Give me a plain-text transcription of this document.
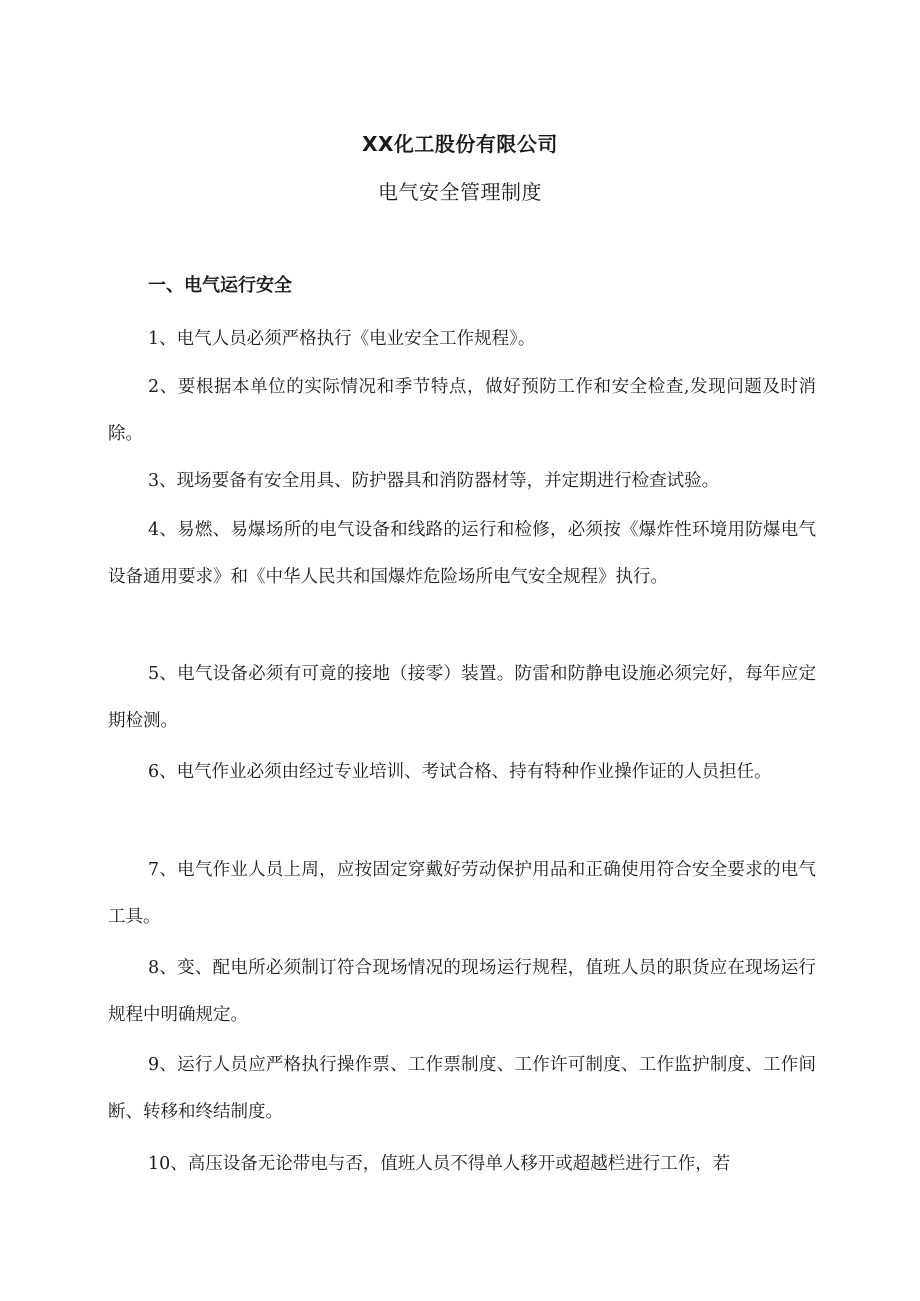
XX化工股份有限公司
电气安全管理制度
一、电气运行安全

1、电气人员必须严格执行《电业安全工作规程》。

2、要根据本单位的实际情况和季节特点，做好预防工作和安全检查,发现问题及时消除。

3、现场要备有安全用具、防护器具和消防器材等，并定期进行检查试验。

4、易燃、易爆场所的电气设备和线路的运行和检修，必须按《爆炸性环境用防爆电气设备通用要求》和《中华人民共和国爆炸危险场所电气安全规程》执行。

5、电气设备必须有可竟的接地（接零）装置。防雷和防静电设施必须完好，每年应定期检测。

6、电气作业必须由经过专业培训、考试合格、持有特种作业操作证的人员担任。

7、电气作业人员上周，应按固定穿戴好劳动保护用品和正确使用符合安全要求的电气工具。

8、变、配电所必须制订符合现场情况的现场运行规程，值班人员的职货应在现场运行规程中明确规定。

9、运行人员应严格执行操作票、工作票制度、工作许可制度、工作监护制度、工作间断、转移和终结制度。

10、高压设备无论带电与否，值班人员不得单人移开或超越栏进行工作，若
